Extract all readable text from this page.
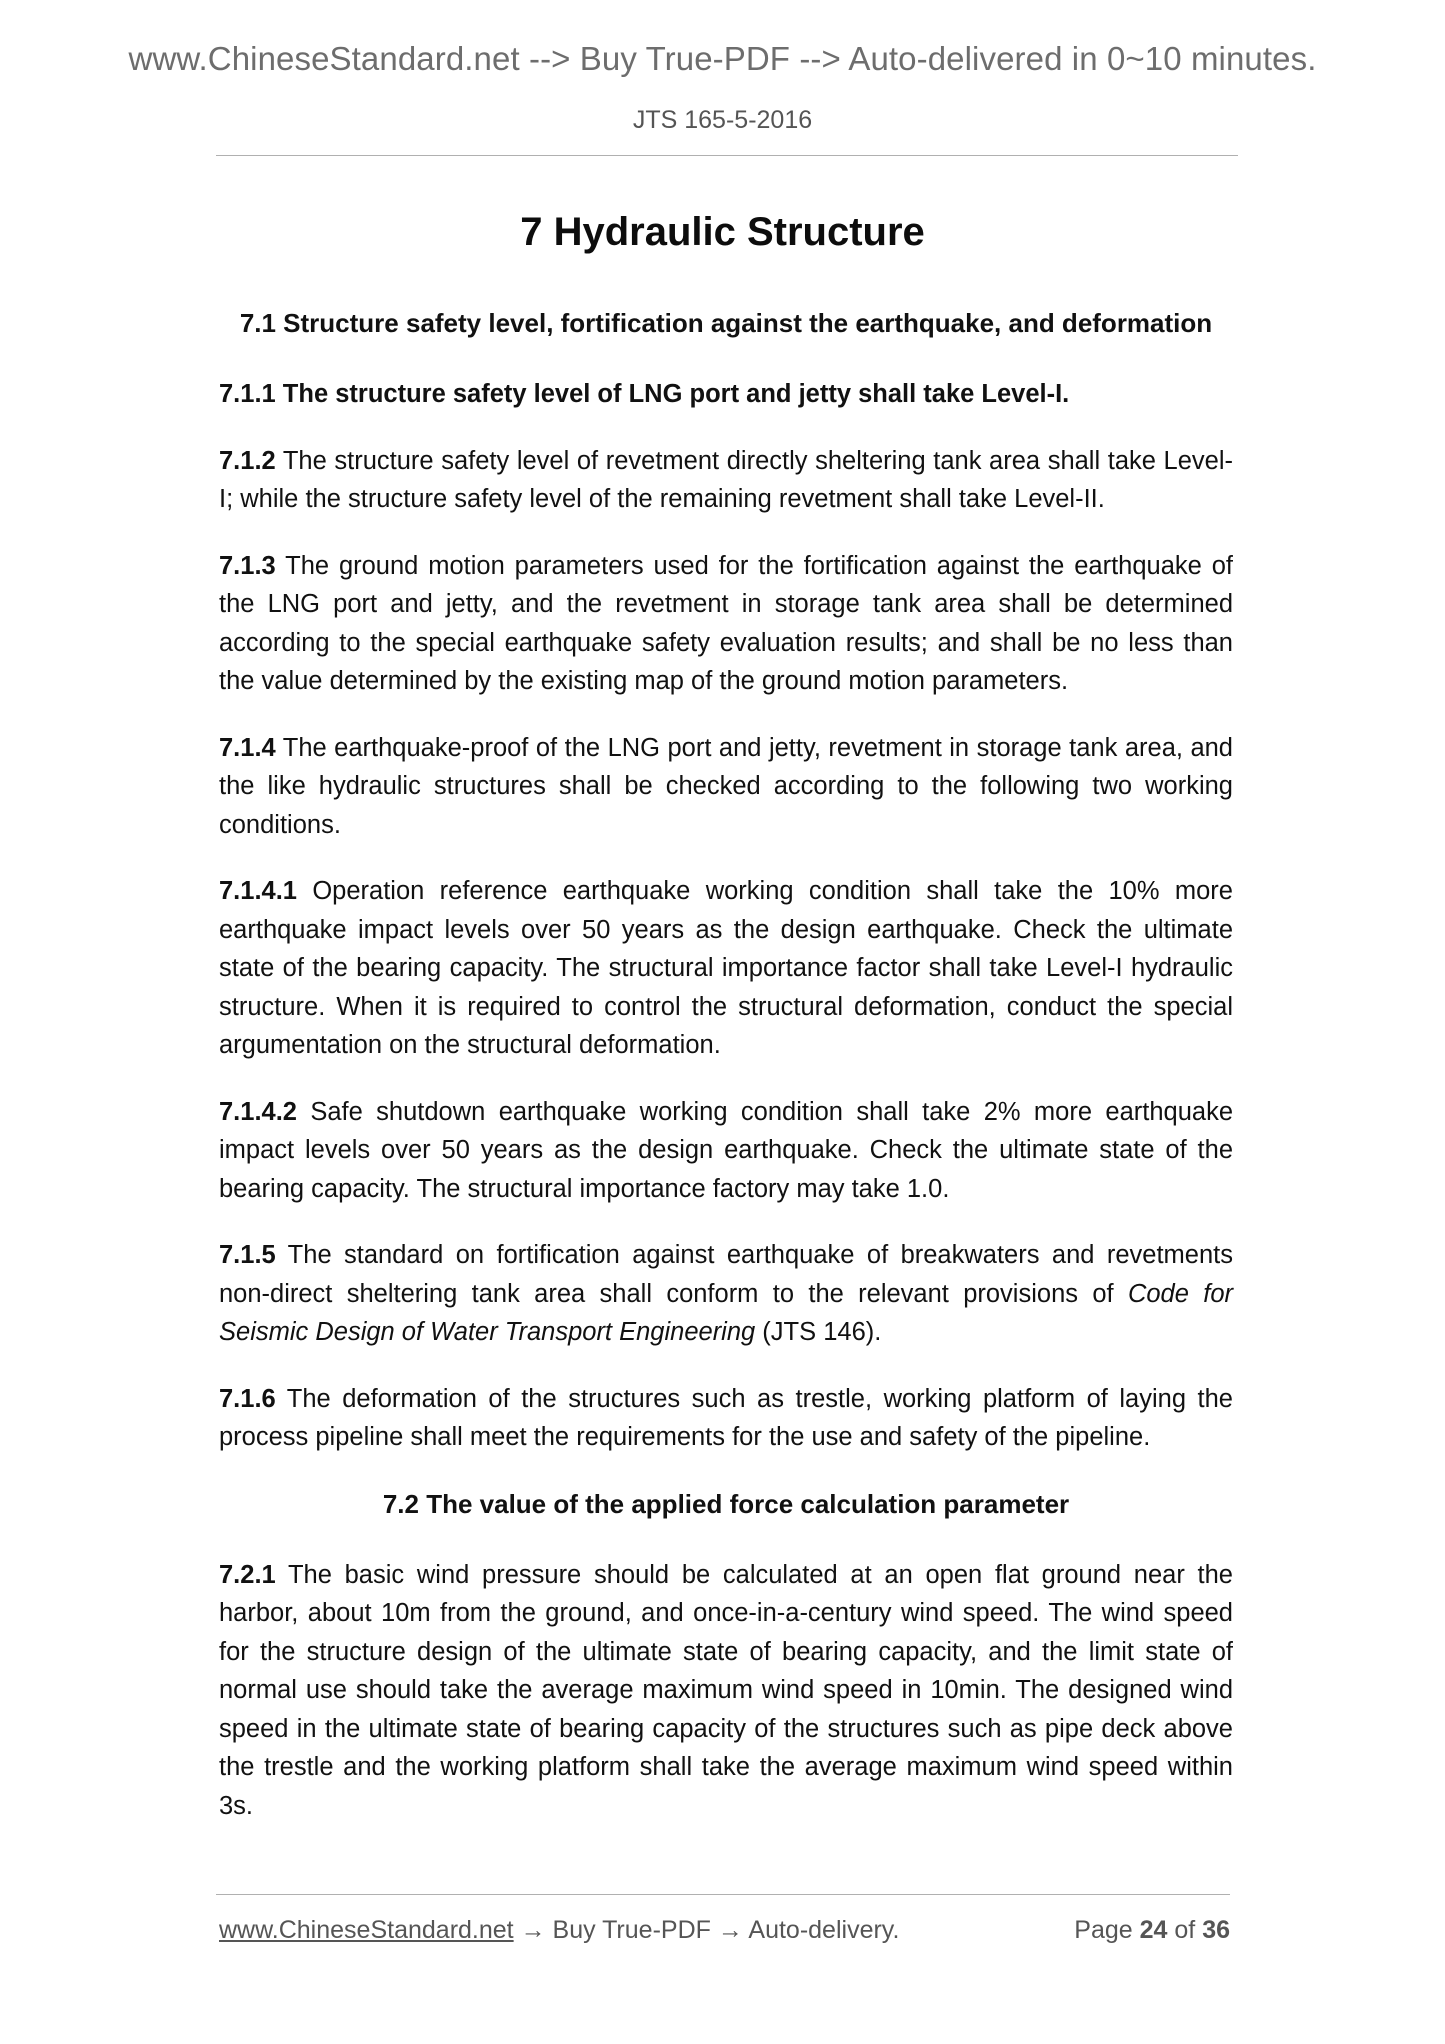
www.ChineseStandard.net --> Buy True-PDF --> Auto-delivered in 0~10 minutes.
JTS 165-5-2016
7 Hydraulic Structure
7.1 Structure safety level, fortification against the earthquake, and deformation

7.1.1 The structure safety level of LNG port and jetty shall take Level-I.

7.1.2 The structure safety level of revetment directly sheltering tank area shall take Level-I; while the structure safety level of the remaining revetment shall take Level-II.

7.1.3 The ground motion parameters used for the fortification against the earthquake of the LNG port and jetty, and the revetment in storage tank area shall be determined according to the special earthquake safety evaluation results; and shall be no less than the value determined by the existing map of the ground motion parameters.

7.1.4 The earthquake-proof of the LNG port and jetty, revetment in storage tank area, and the like hydraulic structures shall be checked according to the following two working conditions.

7.1.4.1 Operation reference earthquake working condition shall take the 10% more earthquake impact levels over 50 years as the design earthquake. Check the ultimate state of the bearing capacity. The structural importance factor shall take Level-I hydraulic structure. When it is required to control the structural deformation, conduct the special argumentation on the structural deformation.

7.1.4.2 Safe shutdown earthquake working condition shall take 2% more earthquake impact levels over 50 years as the design earthquake. Check the ultimate state of the bearing capacity. The structural importance factory may take 1.0.

7.1.5 The standard on fortification against earthquake of breakwaters and revetments non-direct sheltering tank area shall conform to the relevant provisions of Code for Seismic Design of Water Transport Engineering (JTS 146).

7.1.6 The deformation of the structures such as trestle, working platform of laying the process pipeline shall meet the requirements for the use and safety of the pipeline.

7.2 The value of the applied force calculation parameter

7.2.1 The basic wind pressure should be calculated at an open flat ground near the harbor, about 10m from the ground, and once-in-a-century wind speed. The wind speed for the structure design of the ultimate state of bearing capacity, and the limit state of normal use should take the average maximum wind speed in 10min. The designed wind speed in the ultimate state of bearing capacity of the structures such as pipe deck above the trestle and the working platform shall take the average maximum wind speed within 3s.

www.ChineseStandard.net → Buy True-PDF → Auto-delivery.	Page 24 of 36
